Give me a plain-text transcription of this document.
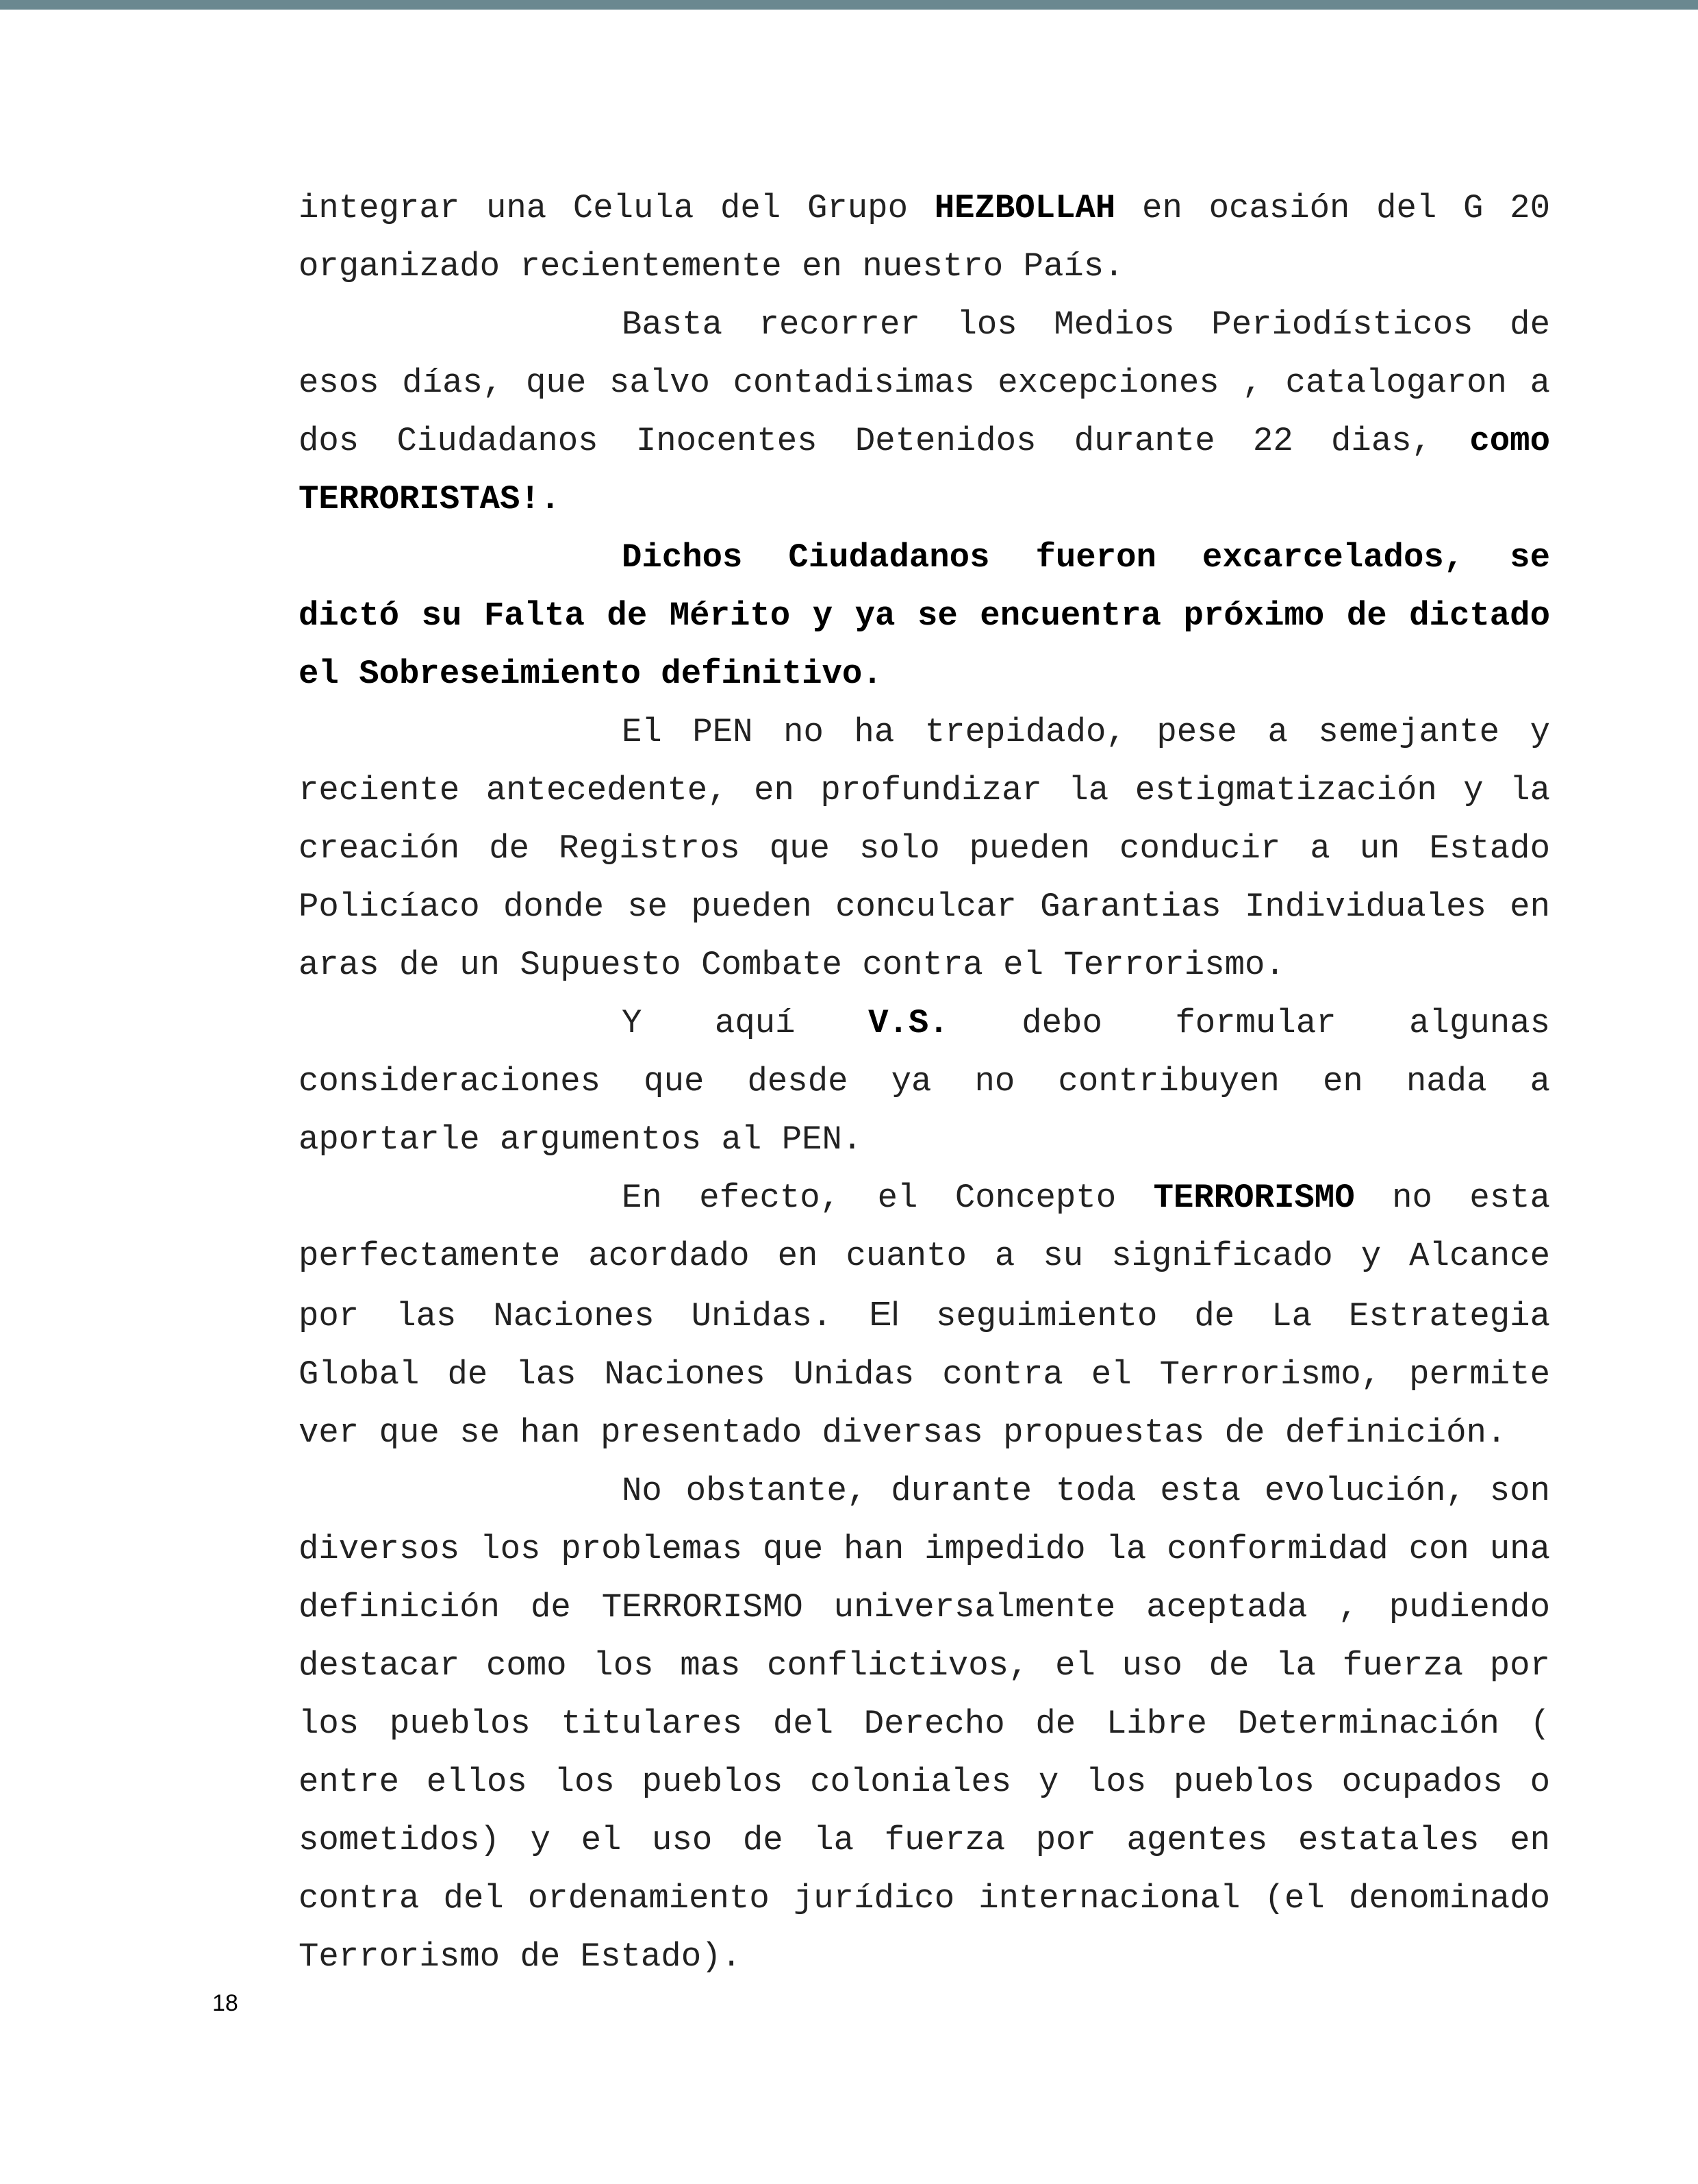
integrar una Celula del Grupo HEZBOLLAH en ocasión del G 20 organizado recientemente en nuestro País.

Basta recorrer los Medios Periodísticos de esos días, que salvo contadisimas excepciones , catalogaron a dos Ciudadanos Inocentes Detenidos durante 22 dias, como TERRORISTAS!.

Dichos Ciudadanos fueron excarcelados, se dictó su Falta de Mérito y ya se encuentra próximo de dictado el Sobreseimiento definitivo.

El PEN no ha trepidado, pese a semejante y reciente antecedente, en profundizar la estigmatización y la creación de Registros que solo pueden conducir a un Estado Policíaco donde se pueden conculcar Garantias Individuales en aras de un Supuesto Combate contra el Terrorismo.

Y aquí V.S. debo formular algunas consideraciones que desde ya no contribuyen en nada a aportarle argumentos al PEN.

En efecto, el Concepto TERRORISMO no esta perfectamente acordado en cuanto a su significado y Alcance por las Naciones Unidas. El seguimiento de La Estrategia Global de las Naciones Unidas contra el Terrorismo, permite ver que se han presentado diversas propuestas de definición.

No obstante, durante toda esta evolución, son diversos los problemas que han impedido la conformidad con una definición de TERRORISMO universalmente aceptada , pudiendo destacar como los mas conflictivos, el uso de la fuerza por los pueblos titulares del Derecho de Libre Determinación ( entre ellos los pueblos coloniales y los pueblos ocupados o sometidos) y el uso de la fuerza por agentes estatales en contra del ordenamiento jurídico internacional (el denominado Terrorismo de Estado).

18
